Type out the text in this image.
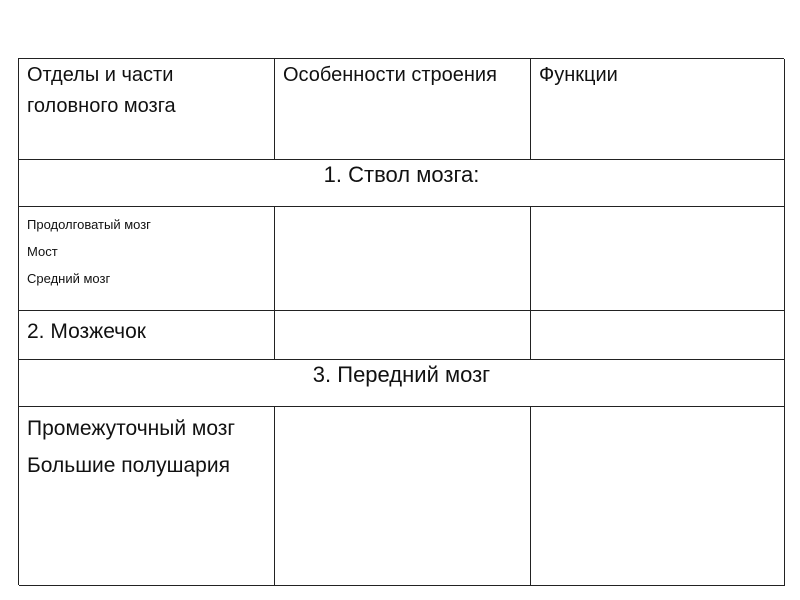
Отделы и части головного мозга
Особенности строения	Функции
1. Ствол мозга:
Продолговатый мозг
Мост
Средний мозг
2. Мозжечок
3. Передний мозг
Промежуточный мозг
Большие полушария
